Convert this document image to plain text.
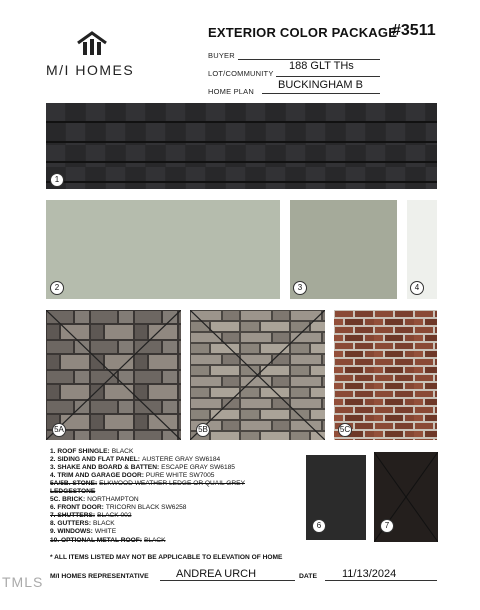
M/I HOMES
EXTERIOR COLOR PACKAGE
#3511
BUYER
LOT/COMMUNITY
188 GLT THs
HOME PLAN
BUCKINGHAM B
1
2	3	4
5A	5B	5C
1. ROOF SHINGLE: BLACK
2. SIDING AND FLAT PANEL: AUSTERE GRAY SW6184
3. SHAKE AND BOARD & BATTEN: ESCAPE GRAY SW6185
4. TRIM AND GARAGE DOOR: PURE WHITE SW7005
5A/5B. STONE: ELKWOOD WEATHER LEDGE OR QUAIL GREY
LEDGESTONE
5C. BRICK: NORTHAMPTON
6. FRONT DOOR: TRICORN BLACK SW6258
7. SHUTTERS: BLACK 002
8. GUTTERS: BLACK
9. WINDOWS: WHITE
10. OPTIONAL METAL ROOF: BLACK
* ALL ITEMS LISTED MAY NOT BE APPLICABLE TO ELEVATION OF HOME
6	7
M/I HOMES REPRESENTATIVE ANDREA URCH	DATE 11/13/2024
TMLS
